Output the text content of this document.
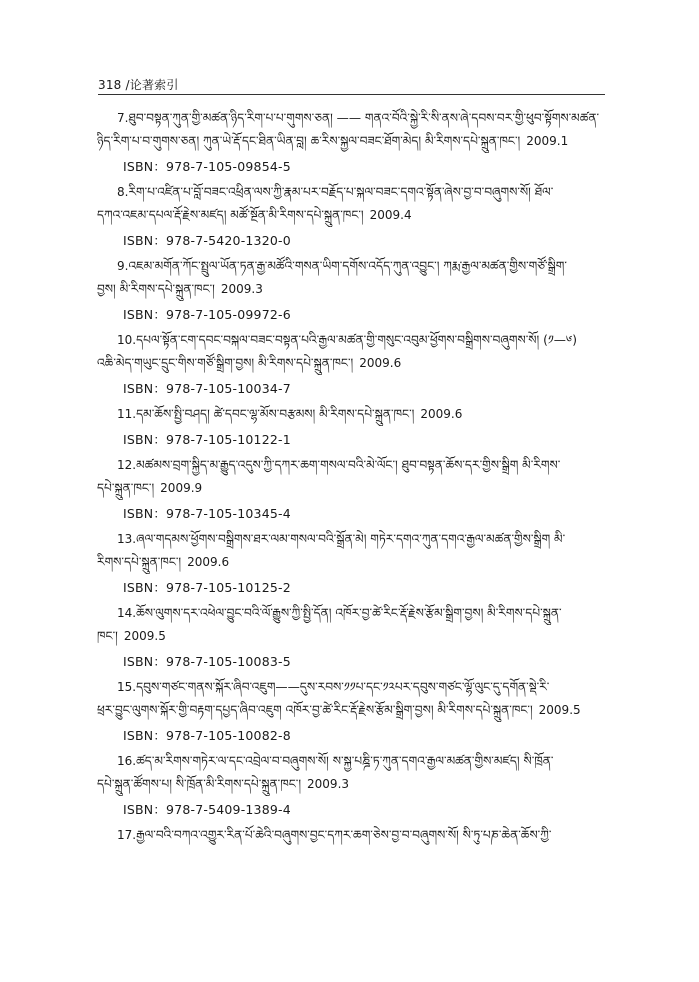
318 /论著索引
7.ཐུབ་བསྟན་ཀུན་གྱི་མཚན་ཉིད་རིག་པ་པ་གུགས་ཅན། —— གནའ་བོའི་སྐྱེ་རི་སི་ནས་ཞེ་དབས་བར་གྱི་ཕུབ་སྟོགས་མཚན་
ཉིད་རིག་པ་བ་གུགས་ཅན། ཀུན་ཡེ་རྡོ་དང་ཐིན་ཡིན་བླ། ཆ་རིས་སྐྱལ་བཟང་ཐོག་མེད། མི་རིགས་དཔེ་སྐྲུན་ཁང་། 2009.1
ISBN：978-7-105-09854-5
8.རིག་པ་འཛིན་པ་བློ་བཟང་འཕྲིན་ལས་ཀྱི་རྣམ་པར་བརྗོད་པ་སྐལ་བཟང་དགའ་སྟོན་ཞེས་བྱ་བ་བཞུགས་སོ། ཐོལ་
དཀའ་འཇམ་དཔལ་རྡོ་རྗེས་མཛད། མཚོ་སྔོན་མི་རིགས་དཔེ་སྐྲུན་ཁང་། 2009.4
ISBN：978-7-5420-1320-0
9.འཇམ་མགོན་ཀོང་སྤྲུལ་ཡོན་ཏན་རྒྱ་མཚོའི་གསན་ཡིག་དགོས་འདོད་ཀུན་འབྱུང་། ཀརྨ་རྒྱལ་མཚན་གྱིས་གཙོ་སྒྲིག་
བྱས། མི་རིགས་དཔེ་སྐྲུན་ཁང་། 2009.3
ISBN：978-7-105-09972-6
10.དཔལ་སྟོན་ངག་དབང་བསྐལ་བཟང་བསྟན་པའི་རྒྱལ་མཚན་གྱི་གསུང་འབུམ་ཕྱོགས་བསྒྲིགས་བཞུགས་སོ། (༡—༦)
འཆི་མེད་གཡུང་དྲུང་གིས་གཙོ་སྒྲིག་བྱས། མི་རིགས་དཔེ་སྐྲུན་ཁང་། 2009.6
ISBN：978-7-105-10034-7
11.དམ་ཆོས་སྤྱི་བཤད། ཚེ་དབང་ལྷ་མོས་བརྩམས། མི་རིགས་དཔེ་སྐྲུན་ཁང་། 2009.6
ISBN：978-7-105-10122-1
12.མཚམས་བྲག་སྐྱིད་མ་རྒྱུད་འདུས་ཀྱི་དཀར་ཆག་གསལ་བའི་མེ་ལོང་། ཐུབ་བསྟན་ཆོས་དར་གྱིས་སྒྲིག མི་རིགས་
དཔེ་སྐྲུན་ཁང་། 2009.9
ISBN：978-7-105-10345-4
13.ཞལ་གདམས་ཕྱོགས་བསྒྲིགས་ཐར་ལམ་གསལ་བའི་སྒྲོན་མེ། གཏེར་དགའ་ཀུན་དགའ་རྒྱལ་མཚན་གྱིས་སྒྲིག མི་
རིགས་དཔེ་སྐྲུན་ཁང་། 2009.6
ISBN：978-7-105-10125-2
14.ཆོས་ལུགས་དར་འཕེལ་བྱུང་བའི་ལོ་རྒྱུས་ཀྱི་སྤྱི་དོན། འཁོར་བྱ་ཚེ་རིང་རྡོ་རྗེས་རྩོམ་སྒྲིག་བྱས། མི་རིགས་དཔེ་སྐྲུན་
ཁང་། 2009.5
ISBN：978-7-105-10083-5
15.དབུས་གཙང་གནས་སྐོར་ཞིབ་འཇུག——དུས་རབས་༡༡པ་དང་༡༢པར་དབུས་གཙང་ལྷོ་ལུང་དུ་དགོན་སྡེ་རི་
ཕྲར་བྱུང་ལུགས་སྐོར་གྱི་བརྟག་དཔྱད་ཞིབ་འཇུག འཁོར་བྱ་ཚེ་རིང་རྡོ་རྗེས་རྩོམ་སྒྲིག་བྱས། མི་རིགས་དཔེ་སྐྲུན་ཁང་། 2009.5
ISBN：978-7-105-10082-8
16.ཚད་མ་རིགས་གཏེར་ལ་དང་འབྲེལ་བ་བཞུགས་སོ། ས་སྐྱ་པཎྜི་ཏ་ཀུན་དགའ་རྒྱལ་མཚན་གྱིས་མཛད། སི་ཁྲོན་
དཔེ་སྐྲུན་ཚོགས་པ། སི་ཁྲོན་མི་རིགས་དཔེ་སྐྲུན་ཁང་། 2009.3
ISBN：978-7-5409-1389-4
17.རྒྱལ་བའི་བཀའ་འགྱུར་རིན་པོ་ཆེའི་བཞུགས་བྱང་དཀར་ཆག་ཅེས་བྱ་བ་བཞུགས་སོ། སི་ཏུ་པཎ་ཆེན་ཆོས་ཀྱི་
